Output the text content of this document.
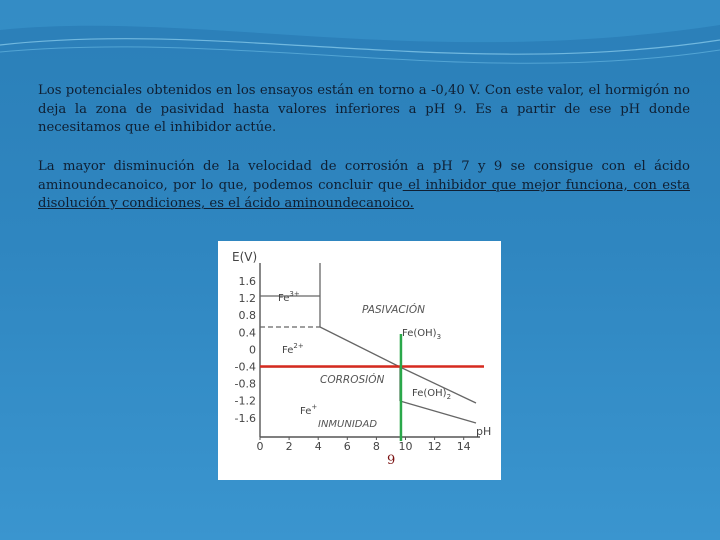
Los potenciales obtenidos en los ensayos están en torno a -0,40 V. Con este valor, el hormigón no deja la zona de pasividad hasta valores inferiores a pH 9. Es a partir de ese pH donde necesitamos que el inhibidor actúe.
La mayor disminución de la velocidad de corrosión a pH 7 y 9 se consigue con el ácido aminoundecanoico, por lo que, podemos concluir que el inhibidor que mejor funciona, con esta disolución y condiciones, es el ácido aminoundecanoico.
E(V)
pH
1.6
1.2
0.8
0.4
0
-0.4
-0.8
-1.2
-1.6
0 2 4 6 8 10 12 14
$Fe^{3+}$
$Fe^{2+}$
Fe+
$Fe(OH)_3$
$Fe(OH)_2$
PASIVACIÓN
CORROSIÓN
INMUNIDAD
9
